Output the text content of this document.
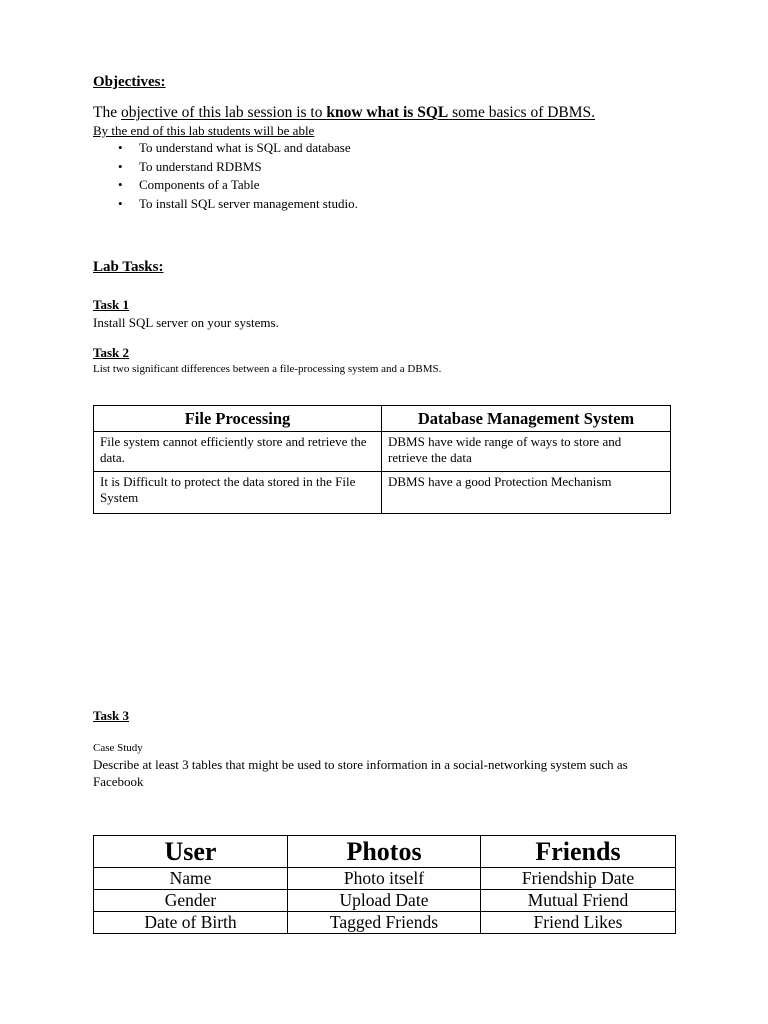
Objectives:
The objective of this lab session is to know what is SQL some basics of DBMS.
By the end of this lab students will be able
• To understand what is SQL and database
• To understand RDBMS
• Components of a Table
• To install SQL server management studio.
Lab Tasks:
Task 1
Install SQL server on your systems.
Task 2
List two significant differences between a file-processing system and a DBMS.
File Processing	Database Management System
File system cannot efficiently store and retrieve the data.	DBMS have wide range of ways to store and retrieve the data
It is Difficult to protect the data stored in the File System	DBMS have a good Protection Mechanism
Task 3
Case Study
Describe at least 3 tables that might be used to store information in a social-networking system such as Facebook
User	Photos	Friends
Name	Photo itself	Friendship Date
Gender	Upload Date	Mutual Friend
Date of Birth	Tagged Friends	Friend Likes
